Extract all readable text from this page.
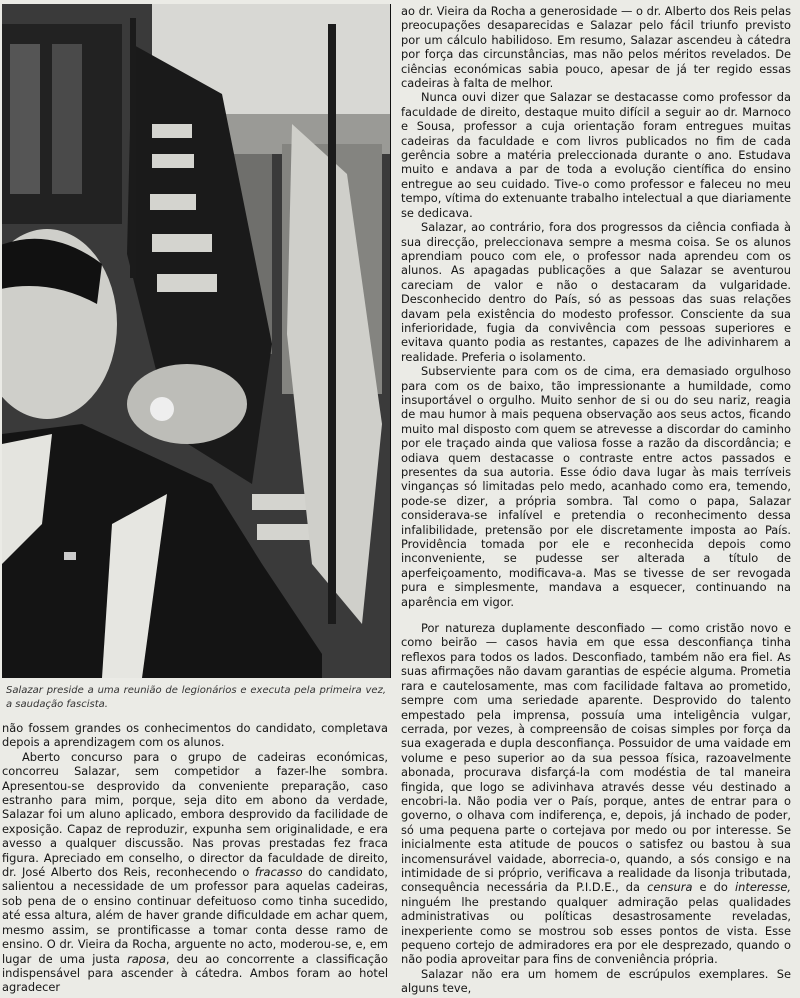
Salazar preside a uma reunião de legionários e executa pela primeira vez, a saudação fascista.

não fossem grandes os conhecimentos do candidato, completava depois a aprendizagem com os alunos.

Aberto concurso para o grupo de cadeiras económicas, concorreu Salazar, sem competidor a fazer-lhe sombra. Apresentou-se desprovido da conveniente preparação, caso estranho para mim, porque, seja dito em abono da verdade, Salazar foi um aluno aplicado, embora desprovido da facilidade de exposição. Capaz de reproduzir, expunha sem originalidade, e era avesso a qualquer discussão. Nas provas prestadas fez fraca figura. Apreciado em conselho, o director da faculdade de direito, dr. José Alberto dos Reis, reconhecendo o fracasso do candidato, salientou a necessidade de um professor para aquelas cadeiras, sob pena de o ensino continuar defeituoso como tinha sucedido, até essa altura, além de haver grande dificuldade em achar quem, mesmo assim, se prontificasse a tomar conta desse ramo de ensino. O dr. Vieira da Rocha, arguente no acto, moderou-se, e, em lugar de uma justa raposa, deu ao concorrente a classificação indispensável para ascender à cátedra. Ambos foram ao hotel agradecer

ao dr. Vieira da Rocha a generosidade — o dr. Alberto dos Reis pelas preocupações desaparecidas e Salazar pelo fácil triunfo previsto por um cálculo habilidoso. Em resumo, Salazar ascendeu à cátedra por força das circunstâncias, mas não pelos méritos revelados. De ciências económicas sabia pouco, apesar de já ter regido essas cadeiras à falta de melhor.

Nunca ouvi dizer que Salazar se destacasse como professor da faculdade de direito, destaque muito difícil a seguir ao dr. Marnoco e Sousa, professor a cuja orientação foram entregues muitas cadeiras da faculdade e com livros publicados no fim de cada gerência sobre a matéria preleccionada durante o ano. Estudava muito e andava a par de toda a evolução científica do ensino entregue ao seu cuidado. Tive-o como professor e faleceu no meu tempo, vítima do extenuante trabalho intelectual a que diariamente se dedicava.

Salazar, ao contrário, fora dos progressos da ciência confiada à sua direcção, preleccionava sempre a mesma coisa. Se os alunos aprendiam pouco com ele, o professor nada aprendeu com os alunos. As apagadas publicações a que Salazar se aventurou careciam de valor e não o destacaram da vulgaridade. Desconhecido dentro do País, só as pessoas das suas relações davam pela existência do modesto professor. Consciente da sua inferioridade, fugia da convivência com pessoas superiores e evitava quanto podia as restantes, capazes de lhe adivinharem a realidade. Preferia o isolamento.

Subserviente para com os de cima, era demasiado orgulhoso para com os de baixo, tão impressionante a humildade, como insuportável o orgulho. Muito senhor de si ou do seu nariz, reagia de mau humor à mais pequena observação aos seus actos, ficando muito mal disposto com quem se atrevesse a discordar do caminho por ele traçado ainda que valiosa fosse a razão da discordância; e odiava quem destacasse o contraste entre actos passados e presentes da sua autoria. Esse ódio dava lugar às mais terríveis vinganças só limitadas pelo medo, acanhado como era, temendo, pode-se dizer, a própria sombra. Tal como o papa, Salazar considerava-se infalível e pretendia o reconhecimento dessa infalibilidade, pretensão por ele discretamente imposta ao País. Providência tomada por ele e reconhecida depois como inconveniente, se pudesse ser alterada a título de aperfeiçoamento, modificava-a. Mas se tivesse de ser revogada pura e simplesmente, mandava a esquecer, continuando na aparência em vigor.

Por natureza duplamente desconfiado — como cristão novo e como beirão — casos havia em que essa desconfiança tinha reflexos para todos os lados. Desconfiado, também não era fiel. As suas afirmações não davam garantias de espécie alguma. Prometia rara e cautelosamente, mas com facilidade faltava ao prometido, sempre com uma seriedade aparente. Desprovido do talento empestado pela imprensa, possuía uma inteligência vulgar, cerrada, por vezes, à compreensão de coisas simples por força da sua exagerada e dupla desconfiança. Possuidor de uma vaidade em volume e peso superior ao da sua pessoa física, razoavelmente abonada, procurava disfarçá-la com modéstia de tal maneira fingida, que logo se adivinhava através desse véu destinado a encobri-la. Não podia ver o País, porque, antes de entrar para o governo, o olhava com indiferença, e, depois, já inchado de poder, só uma pequena parte o cortejava por medo ou por interesse. Se inicialmente esta atitude de poucos o satisfez ou bastou à sua incomensurável vaidade, aborrecia-o, quando, a sós consigo e na intimidade de si próprio, verificava a realidade da lisonja tributada, consequência necessária da P.I.D.E., da censura e do interesse, ninguém lhe prestando qualquer admiração pelas qualidades administrativas ou políticas desastrosamente reveladas, inexperiente como se mostrou sob esses pontos de vista. Esse pequeno cortejo de admiradores era por ele desprezado, quando o não podia aproveitar para fins de conveniência própria.

Salazar não era um homem de escrúpulos exemplares. Se alguns teve,
